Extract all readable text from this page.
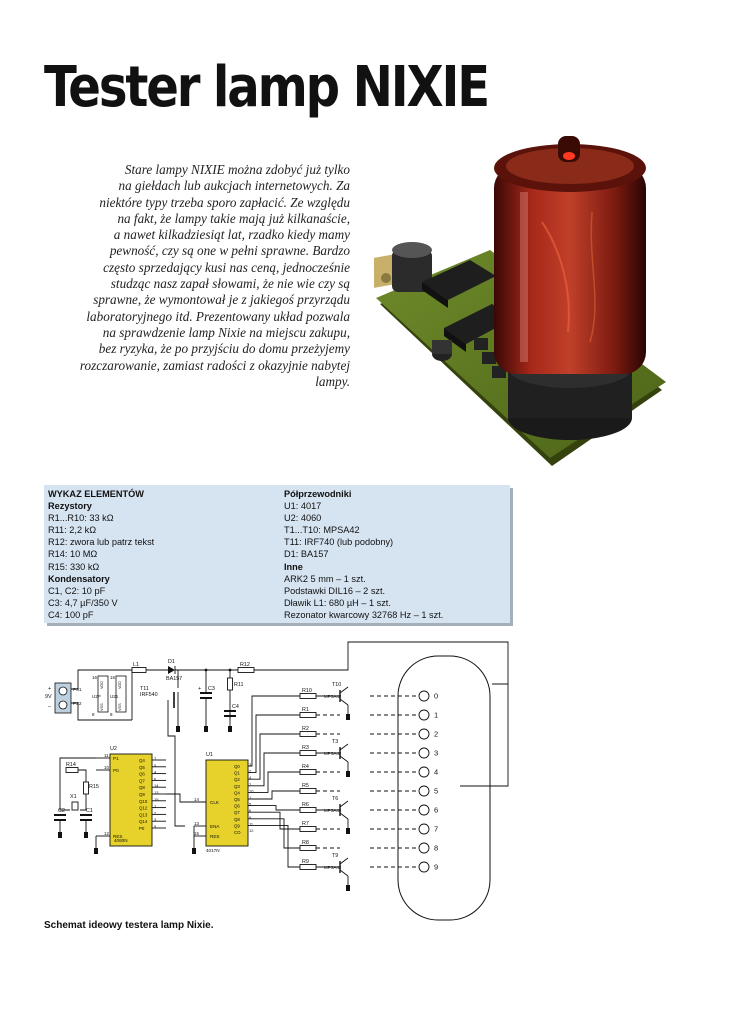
Tester lamp NIXIE
Stare lampy NIXIE można zdobyć już tylko
na giełdach lub aukcjach internetowych. Za
niektóre typy trzeba sporo zapłacić. Ze względu
na fakt, że lampy takie mają już kilkanaście,
a nawet kilkadziesiąt lat, rzadko kiedy mamy
pewność, czy są one w pełni sprawne. Bardzo
często sprzedający kusi nas ceną, jednocześnie
studząc nasz zapał słowami, że nie wie czy są
sprawne, że wymontował je z jakiegoś przyrządu
laboratoryjnego itd. Prezentowany układ pozwala
na sprawdzenie lamp Nixie na miejscu zakupu,
bez ryzyka, że po przyjściu do domu przeżyjemy
rozczarowanie, zamiast radości z okazyjnie nabytej
lampy.
WYKAZ ELEMENTÓW
Rezystory
R1...R10: 33 kΩ
R11: 2,2 kΩ
R12: zwora lub patrz tekst
R14: 10 MΩ
R15: 330 kΩ
Kondensatory
C1, C2: 10 pF
C3: 4,7 µF/350 V
C4: 100 pF
Półprzewodniki
U1: 4017
U2: 4060
T1...T10: MPSA42
T11: IRF740 (lub podobny)
D1: BA157
Inne
ARK2 5 mm – 1 szt.
Podstawki DIL16 – 2 szt.
Dławik L1: 680 µH – 1 szt.
Rezonator kwarcowy 32768 Hz – 1 szt.
9V
+
–
PS1
PS2
U2P U21
16
8
16
8
VDD
VSS
VDD
VSS
L1	D1
BA157
R12
R11
C3
+
C4
T11
IRF540
U2
4060N
P1
11
P0
10
RES
12
Q4 7
Q5 5
Q6 4
Q7 6
Q8 14
Q9 13
Q10 15
Q12 1
Q13 2
Q14 3
P0 9
R14
R15
X1
C2	C1
U1
4017N
CLK
14
ENA
13
RES
15
Q0 3
Q1 2
Q2 4
Q3 7
Q4 10
Q5 1
Q6 5
Q7 6
Q8 9
Q9 11
CO 12
R10
T10
MPSA42
R1
R2
R3
T3
MPSA42
R4
R5
R6
T6
MPSA42
R7
R8
R9
T9
MPSA42
0
1
2
3
4
5
6
7
8
9

Schemat ideowy testera lamp Nixie.
